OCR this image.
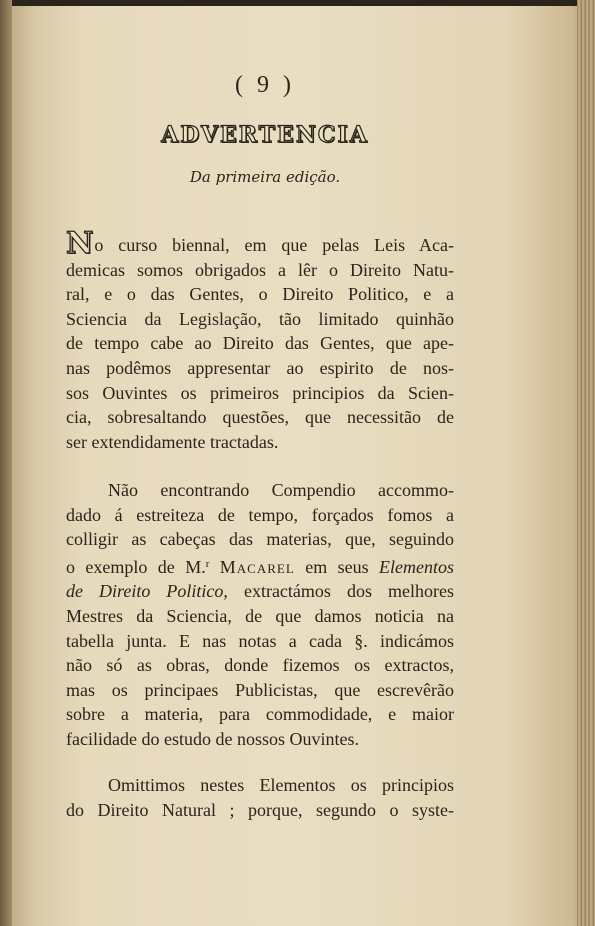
( 9 )
ADVERTENCIA
Da primeira edição.
No curso biennal, em que pelas Leis Aca-
demicas somos obrigados a lêr o Direito Natu-
ral, e o das Gentes, o Direito Politico, e a
Sciencia da Legislação, tão limitado quinhão
de tempo cabe ao Direito das Gentes, que ape-
nas podêmos appresentar ao espirito de nos-
sos Ouvintes os primeiros principios da Scien-
cia, sobresaltando questões, que necessitão de
ser extendidamente tractadas.
Não encontrando Compendio accommo-
dado á estreiteza de tempo, forçados fomos a
colligir as cabeças das materias, que, seguindo
o exemplo de M.$^r$ Macarel em seus Elementos
de Direito Politico, extractámos dos melhores
Mestres da Sciencia, de que damos noticia na
tabella junta. E nas notas a cada §. indicámos
não só as obras, donde fizemos os extractos,
mas os principaes Publicistas, que escrevêrão
sobre a materia, para commodidade, e maior
facilidade do estudo de nossos Ouvintes.
Omittimos nestes Elementos os principios
do Direito Natural ; porque, segundo o syste-
